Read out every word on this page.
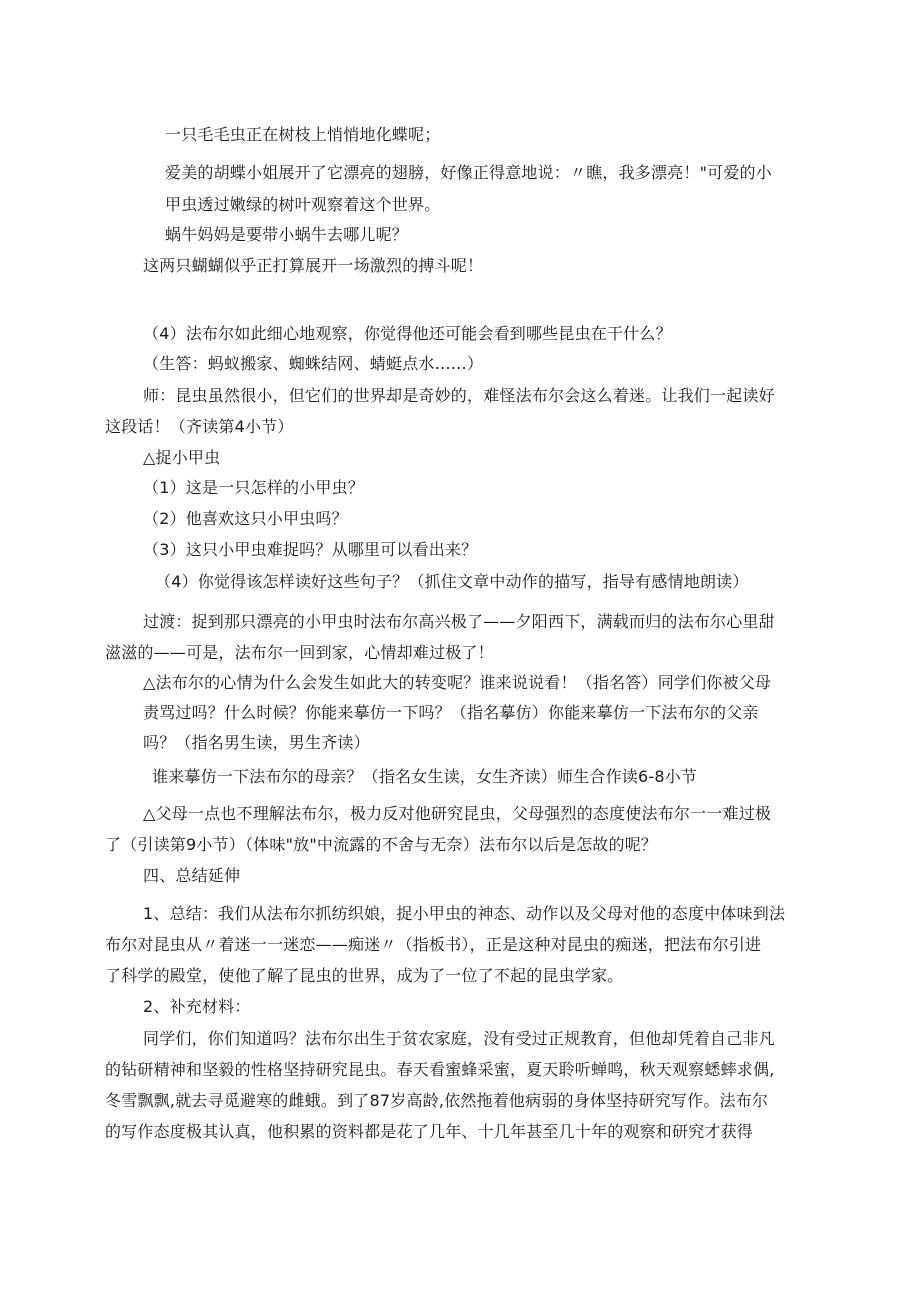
一只毛毛虫正在树枝上悄悄地化蝶呢；
爱美的胡蝶小姐展开了它漂亮的翅膀，好像正得意地说：〃瞧，我多漂亮！"可爱的小
甲虫透过嫩绿的树叶观察着这个世界。
蜗牛妈妈是要带小蜗牛去哪儿呢？
这两只蝴蝴似乎正打算展开一场激烈的搏斗呢！
（4）法布尔如此细心地观察，你觉得他还可能会看到哪些昆虫在干什么？
（生答：蚂蚁搬家、蜘蛛结网、蜻蜓点水……）
师：昆虫虽然很小，但它们的世界却是奇妙的，难怪法布尔会这么着迷。让我们一起读好
这段话！（齐读第4小节）
△捉小甲虫
（1）这是一只怎样的小甲虫？
（2）他喜欢这只小甲虫吗？
（3）这只小甲虫难捉吗？从哪里可以看出来？
（4）你觉得该怎样读好这些句子？（抓住文章中动作的描写，指导有感情地朗读）
过渡：捉到那只漂亮的小甲虫时法布尔高兴极了——夕阳西下，满载而归的法布尔心里甜
滋滋的——可是，法布尔一回到家，心情却难过极了！
△法布尔的心情为什么会发生如此大的转变呢？谁来说说看！（指名答）同学们你被父母
责骂过吗？什么时候？你能来摹仿一下吗？（指名摹仿）你能来摹仿一下法布尔的父亲
吗？（指名男生读，男生齐读）
谁来摹仿一下法布尔的母亲？（指名女生读，女生齐读）师生合作读6-8小节
△父母一点也不理解法布尔，极力反对他研究昆虫，父母强烈的态度使法布尔一一难过极
了（引读第9小节）（体味"放"中流露的不舍与无奈）法布尔以后是怎故的呢？
四、总结延伸
1、总结：我们从法布尔抓纺织娘，捉小甲虫的神态、动作以及父母对他的态度中体味到法
布尔对昆虫从〃着迷一一迷恋——痴迷〃（指板书），正是这种对昆虫的痴迷，把法布尔引进
了科学的殿堂，使他了解了昆虫的世界，成为了一位了不起的昆虫学家。
2、补充材料：
同学们，你们知道吗？法布尔出生于贫农家庭，没有受过正规教育，但他却凭着自己非凡
的钻研精神和坚毅的性格坚持研究昆虫。春天看蜜蜂采蜜，夏天聆听蝉鸣，秋天观察蟋蟀求偶,
冬雪飘飘,就去寻觅避寒的雌蛾。到了87岁高龄,依然拖着他病弱的身体坚持研究写作。法布尔
的写作态度极其认真，他积累的资料都是花了几年、十几年甚至几十年的观察和研究才获得
